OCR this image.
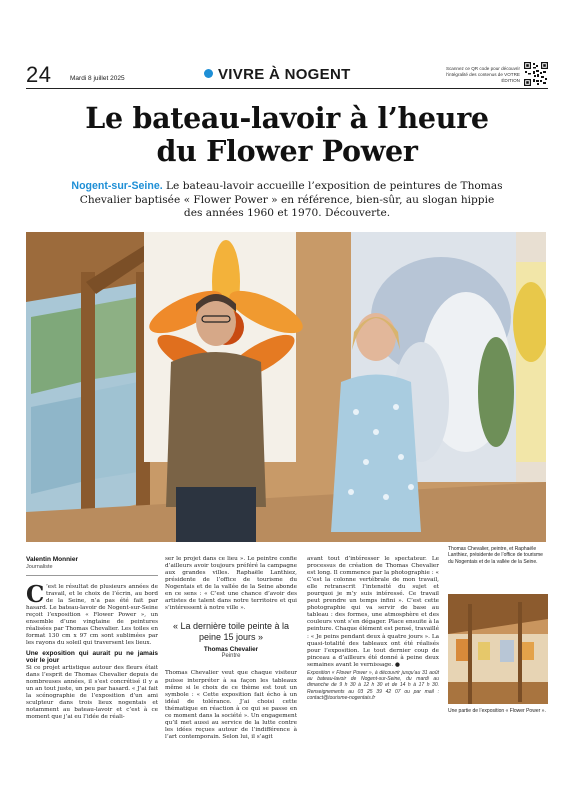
24	Mardi 8 juillet 2025	VIVRE À NOGENT	Scannez ce QR code pour découvrir l'intégralité des contenus de VOTRE ÉDITION
Le bateau-lavoir à l’heure
du Flower Power
Nogent-sur-Seine. Le bateau-lavoir accueille l’exposition de peintures de Thomas Chevalier baptisée « Flower Power » en référence, bien-sûr, au slogan hippie des années 1960 et 1970. Découverte.
Thomas Chevalier, peintre, et Raphaële Lanthiez, présidente de l’office de tourisme du Nogentais et de la vallée de la Seine.
Une partie de l’exposition « Flower Power ».
Valentin Monnier
Journaliste

C ’est le résultat de plusieurs années de travail, et le choix de l’écrin, au bord de la Seine, n’a pas été fait par hasard. Le bateau-lavoir de Nogent-sur-Seine reçoit l’exposition « Flower Power », un ensemble d’une vingtaine de peintures réalisées par Thomas Chevalier. Les toiles en format 130 cm x 97 cm sont sublimées par les rayons du soleil qui traversent les lieux.

Une exposition qui aurait pu ne jamais voir le jour

Si ce projet artistique autour des fleurs était dans l’esprit de Thomas Chevalier depuis de nombreuses années, il s’est concrétisé il y a un an tout juste, un peu par hasard. « J’ai fait la scénographie de l’exposition d’un ami sculpteur dans trois lieux nogentais et notamment au bateau-lavoir et c’est à ce moment que j’ai eu l’idée de réali-

ser le projet dans ce lieu ». Le peintre confie d’ailleurs avoir toujours préféré la campagne aux grandes villes. Raphaële Lanthiez, présidente de l’office de tourisme du Nogentais et de la vallée de la Seine abonde en ce sens : « C’est une chance d’avoir des artistes de talent dans notre territoire et qui s’intéressent à notre ville ».

« La dernière toile peinte à la peine 15 jours »
Thomas Chevalier
Peintre

Thomas Chevalier veut que chaque visiteur puisse interpréter à sa façon les tableaux même si le choix de ce thème est tout un symbole : « Cette exposition fait écho à un idéal de tolérance. J’ai choisi cette thématique en réaction à ce qui se passe en ce moment dans la société ». Un engagement qu’il met aussi au service de la lutte contre les idées reçues autour de l’indifférence à l’art contemporain. Selon lui, il s’agit

avant tout d’intéresser le spectateur. Le processus de création de Thomas Chevalier est long. Il commence par la photographie : « C’est la colonne vertébrale de mon travail, elle retranscrit l’intensité du sujet et pourquoi je m’y suis intéressé. Ce travail peut prendre un temps infini ». C’est cette photographie qui va servir de base au tableau : des formes, une atmosphère et des couleurs vont s’en dégager. Place ensuite à la peinture. Chaque élément est pensé, travaillé : « Je peins pendant deux à quatre jours ». La quasi-totalité des tableaux ont été réalisés pour l’exposition. Le tout dernier coup de pinceau a d’ailleurs été donné à peine deux semaines avant le vernissage. ●

Exposition « Flower Power », à découvrir jusqu’au 31 août au bateau-lavoir de Nogent-sur-Seine, du mardi au dimanche de 9 h 30 à 12 h 30 et de 14 h à 17 h 30. Renseignements au 03 25 39 42 07 ou par mail : contact@tourisme-nogentais.fr
